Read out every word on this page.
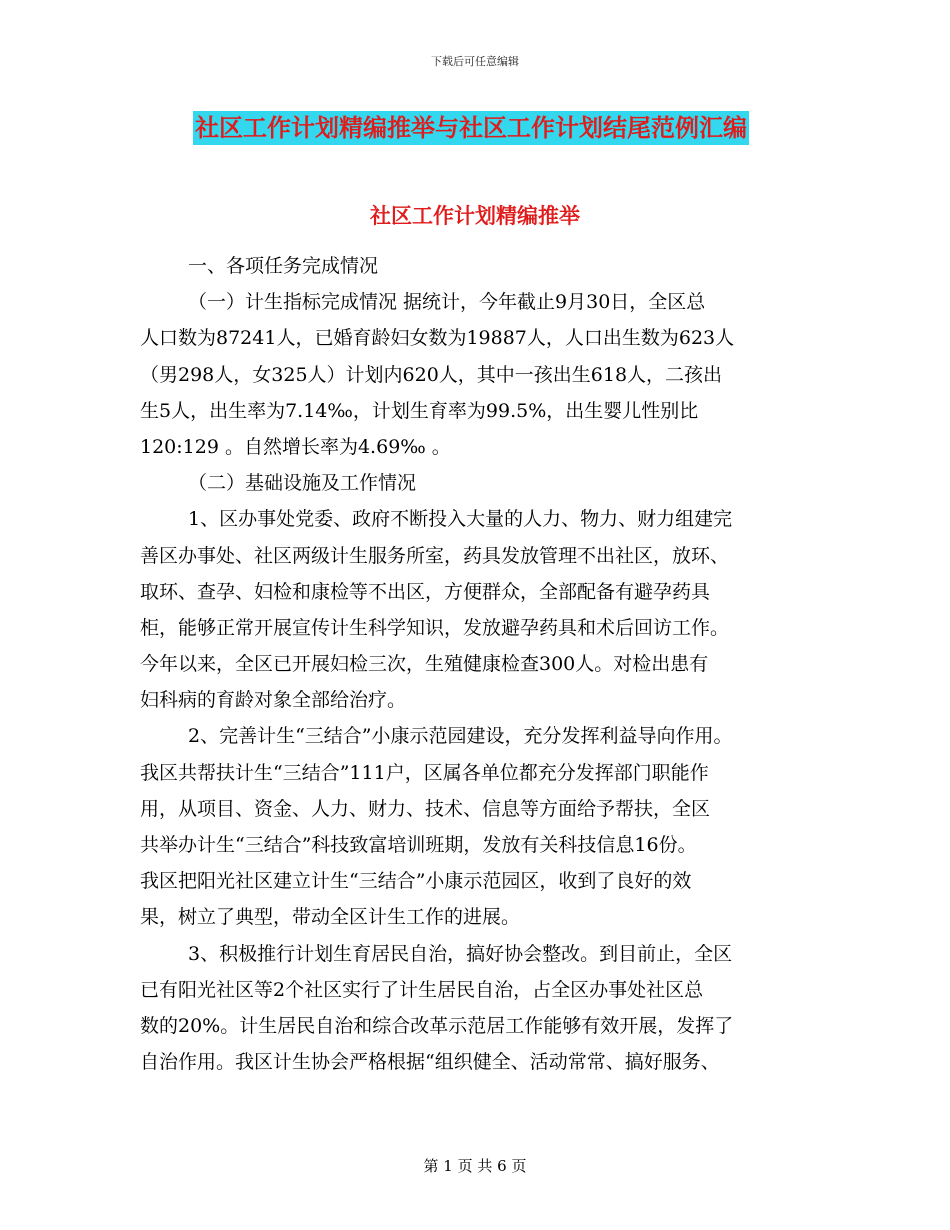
下载后可任意编辑
社区工作计划精编推举与社区工作计划结尾范例汇编
社区工作计划精编推举
一、各项任务完成情况
（一）计生指标完成情况 据统计，今年截止9月30日，全区总
人口数为87241人，已婚育龄妇女数为19887人，人口出生数为623人
（男298人，女325人）计划内620人，其中一孩出生618人，二孩出
生5人，出生率为7.14‰，计划生育率为99.5%，出生婴儿性别比
120:129 。自然增长率为4.69‰ 。
（二）基础设施及工作情况
1、区办事处党委、政府不断投入大量的人力、物力、财力组建完
善区办事处、社区两级计生服务所室，药具发放管理不出社区，放环、
取环、查孕、妇检和康检等不出区，方便群众，全部配备有避孕药具
柜，能够正常开展宣传计生科学知识，发放避孕药具和术后回访工作。
今年以来，全区已开展妇检三次，生殖健康检查300人。对检出患有
妇科病的育龄对象全部给治疗。
2、完善计生“三结合”小康示范园建设，充分发挥利益导向作用。
我区共帮扶计生“三结合”111户，区属各单位都充分发挥部门职能作
用，从项目、资金、人力、财力、技术、信息等方面给予帮扶，全区
共举办计生“三结合”科技致富培训班期，发放有关科技信息16份。
我区把阳光社区建立计生“三结合”小康示范园区，收到了良好的效
果，树立了典型，带动全区计生工作的进展。
3、积极推行计划生育居民自治，搞好协会整改。到目前止，全区
已有阳光社区等2个社区实行了计生居民自治，占全区办事处社区总
数的20%。计生居民自治和综合改革示范居工作能够有效开展，发挥了
自治作用。我区计生协会严格根据“组织健全、活动常常、搞好服务、
第 1 页 共 6 页
